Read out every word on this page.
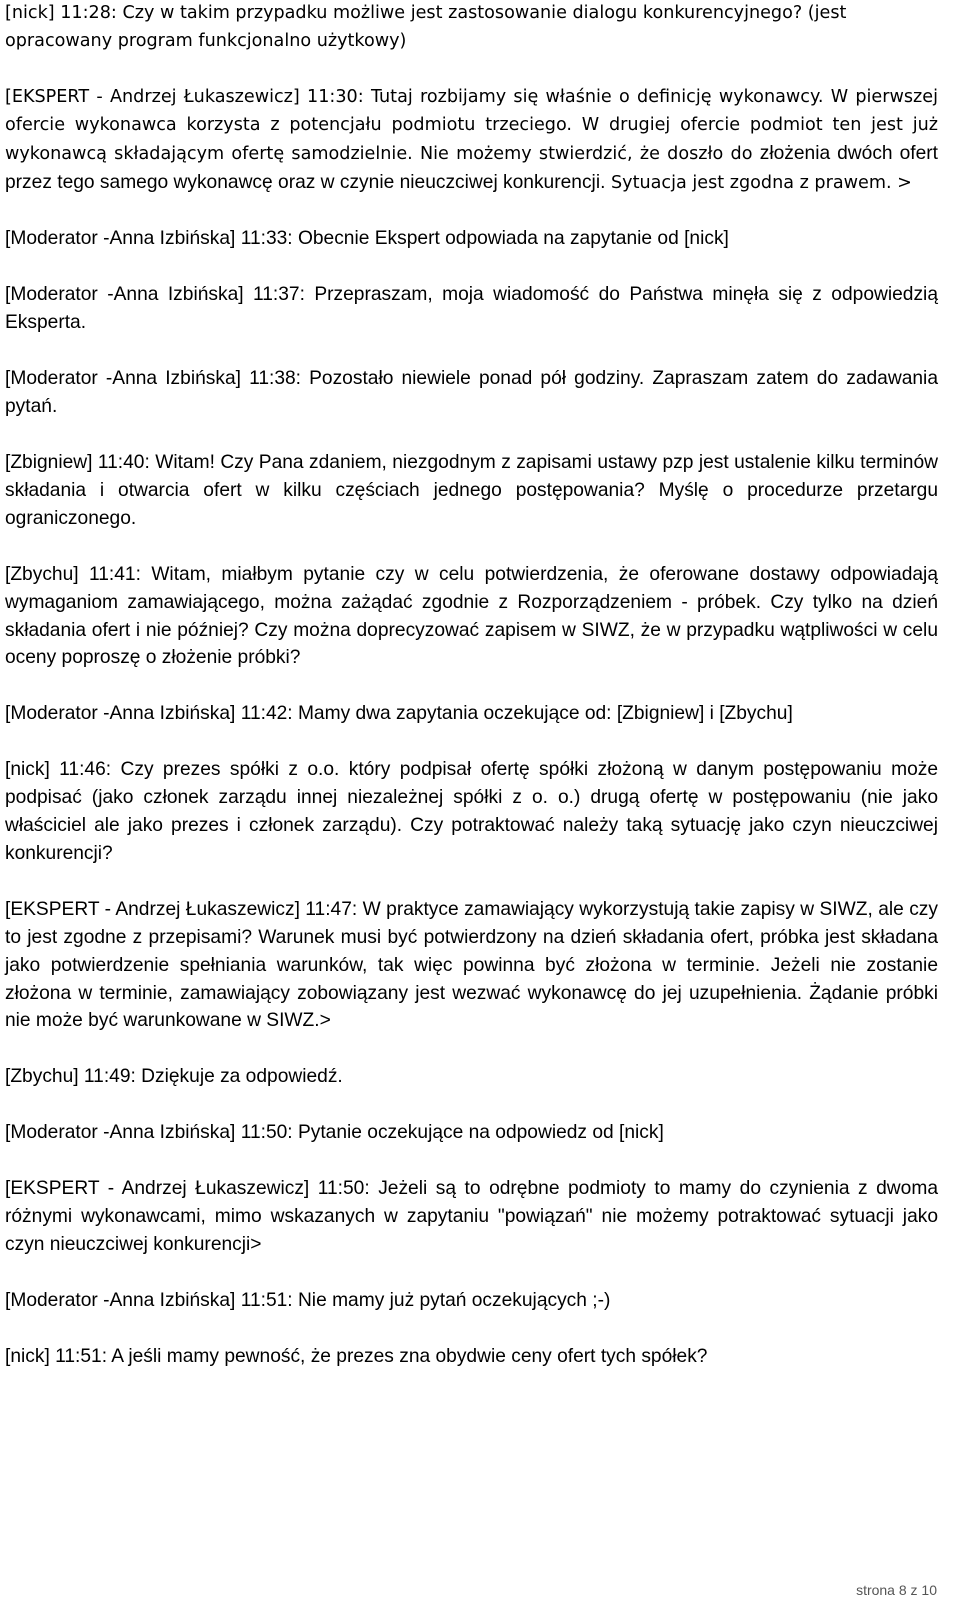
[nick] 11:28: Czy w takim przypadku możliwe jest zastosowanie dialogu konkurencyjnego? (jest opracowany program funkcjonalno użytkowy)

[EKSPERT - Andrzej Łukaszewicz] 11:30: Tutaj rozbijamy się właśnie o definicję wykonawcy. W pierwszej ofercie wykonawca korzysta z potencjału podmiotu trzeciego. W drugiej ofercie podmiot ten jest już wykonawcą składającym ofertę samodzielnie. Nie możemy stwierdzić, że doszło do złożenia dwóch ofert przez tego samego wykonawcę oraz w czynie nieuczciwej konkurencji. Sytuacja jest zgodna z prawem. >

[Moderator -Anna Izbińska] 11:33: Obecnie Ekspert odpowiada na zapytanie od [nick]

[Moderator -Anna Izbińska] 11:37: Przepraszam, moja wiadomość do Państwa minęła się z odpowiedzią Eksperta.

[Moderator -Anna Izbińska] 11:38: Pozostało niewiele ponad pół godziny. Zapraszam zatem do zadawania pytań.

[Zbigniew] 11:40: Witam! Czy Pana zdaniem, niezgodnym z zapisami ustawy pzp jest ustalenie kilku terminów składania i otwarcia ofert w kilku częściach jednego postępowania? Myślę o procedurze przetargu ograniczonego.

[Zbychu] 11:41: Witam, miałbym pytanie czy w celu potwierdzenia, że oferowane dostawy odpowiadają wymaganiom zamawiającego, można zażądać zgodnie z Rozporządzeniem - próbek. Czy tylko na dzień składania ofert i nie później? Czy można doprecyzować zapisem w SIWZ, że w przypadku wątpliwości w celu oceny poproszę o złożenie próbki?

[Moderator -Anna Izbińska] 11:42: Mamy dwa zapytania oczekujące od: [Zbigniew] i [Zbychu]

[nick] 11:46: Czy prezes spółki z o.o. który podpisał ofertę spółki złożoną w danym postępowaniu może podpisać (jako członek zarządu innej niezależnej spółki z o. o.) drugą ofertę w postępowaniu (nie jako właściciel ale jako prezes i członek zarządu). Czy potraktować należy taką sytuację jako czyn nieuczciwej konkurencji?

[EKSPERT - Andrzej Łukaszewicz] 11:47: W praktyce zamawiający wykorzystują takie zapisy w SIWZ, ale czy to jest zgodne z przepisami? Warunek musi być potwierdzony na dzień składania ofert, próbka jest składana jako potwierdzenie spełniania warunków, tak więc powinna być złożona w terminie. Jeżeli nie zostanie złożona w terminie, zamawiający zobowiązany jest wezwać wykonawcę do jej uzupełnienia. Żądanie próbki nie może być warunkowane w SIWZ.>

[Zbychu] 11:49: Dziękuje za odpowiedź.

[Moderator -Anna Izbińska] 11:50: Pytanie oczekujące na odpowiedz od [nick]

[EKSPERT - Andrzej Łukaszewicz] 11:50: Jeżeli są to odrębne podmioty to mamy do czynienia z dwoma różnymi wykonawcami, mimo wskazanych w zapytaniu "powiązań" nie możemy potraktować sytuacji jako czyn nieuczciwej konkurencji>

[Moderator -Anna Izbińska] 11:51: Nie mamy już pytań oczekujących ;-)

[nick] 11:51: A jeśli mamy pewność, że prezes zna obydwie ceny ofert tych spółek?

strona 8 z 10
